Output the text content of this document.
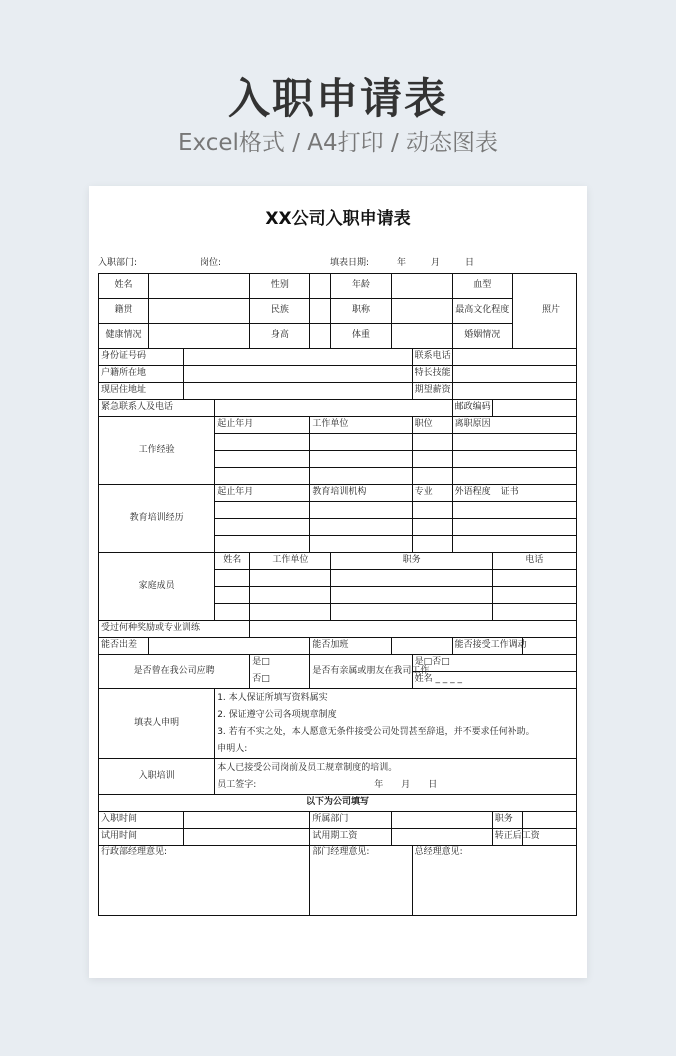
入职申请表
Excel格式 / A4打印 / 动态图表
XX公司入职申请表
入职部门:	岗位:	填表日期:	年	月	日
姓名				性别		年龄			血型		照片	
籍贯				民族		职称			最高文化程度			
健康情况				身高		体重			婚姻情况			
身份证号码								联系电话				
户籍所在地								特长技能				
现居住地址								期望薪资				
紧急联系人及电话									邮政编码			
工作经验			起止年月		工作单位			职位	离职原因			

教育培训经历			起止年月		教育培训机构			专业	外语程度 证书			

家庭成员			姓名	工作单位		职务				电话		

受过何种奖励或专业训练												
能否出差					能否加班				能否接受工作调动			
是否曾在我公司应聘				是□	是否有亲属或朋友在我司工作			是□否□				
				否□				姓名 _ _ _ _				
填表人申明			1. 本人保证所填写资料属实
2. 保证遵守公司各项规章制度
3. 若有不实之处，本人愿意无条件接受公司处罚甚至辞退，并不要求任何补助。
申明人:									

入职培训			本人已接受公司岗前及员工规章制度的培训。
员工签字: 年 月 日									

以下为公司填写												
入职时间					所属部门					职务		
试用时间					试用期工资					转正后工资		
行政部经理意见:					部门经理意见:			总经理意见:				
